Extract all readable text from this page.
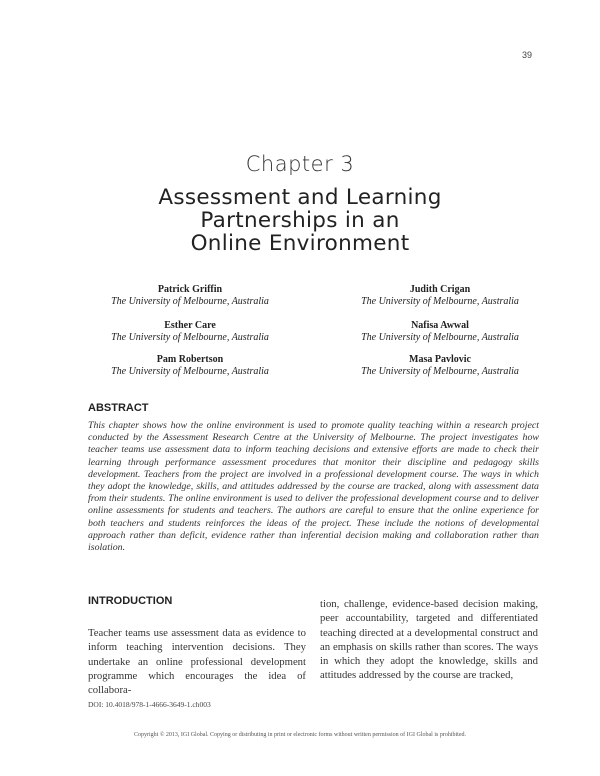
39
Chapter 3
Assessment and Learning
Partnerships in an
Online Environment
Patrick Griffin
The University of Melbourne, Australia
Judith Crigan
The University of Melbourne, Australia
Esther Care
The University of Melbourne, Australia
Nafisa Awwal
The University of Melbourne, Australia
Pam Robertson
The University of Melbourne, Australia
Masa Pavlovic
The University of Melbourne, Australia
ABSTRACT
This chapter shows how the online environment is used to promote quality teaching within a research project conducted by the Assessment Research Centre at the University of Melbourne. The project investigates how teacher teams use assessment data to inform teaching decisions and extensive efforts are made to check their learning through performance assessment procedures that monitor their discipline and pedagogy skills development. Teachers from the project are involved in a professional development course. The ways in which they adopt the knowledge, skills, and attitudes addressed by the course are tracked, along with assessment data from their students. The online environment is used to deliver the professional development course and to deliver online assessments for students and teachers. The authors are careful to ensure that the online experience for both teachers and students reinforces the ideas of the project. These include the notions of developmental approach rather than deficit, evidence rather than inferential decision making and collaboration rather than isolation.
INTRODUCTION
Teacher teams use assessment data as evidence to inform teaching intervention decisions. They undertake an online professional development programme which encourages the idea of collabora-
tion, challenge, evidence-based decision making, peer accountability, targeted and differentiated teaching directed at a developmental construct and an emphasis on skills rather than scores. The ways in which they adopt the knowledge, skills and attitudes addressed by the course are tracked,
DOI: 10.4018/978-1-4666-3649-1.ch003
Copyright © 2013, IGI Global. Copying or distributing in print or electronic forms without written permission of IGI Global is prohibited.
